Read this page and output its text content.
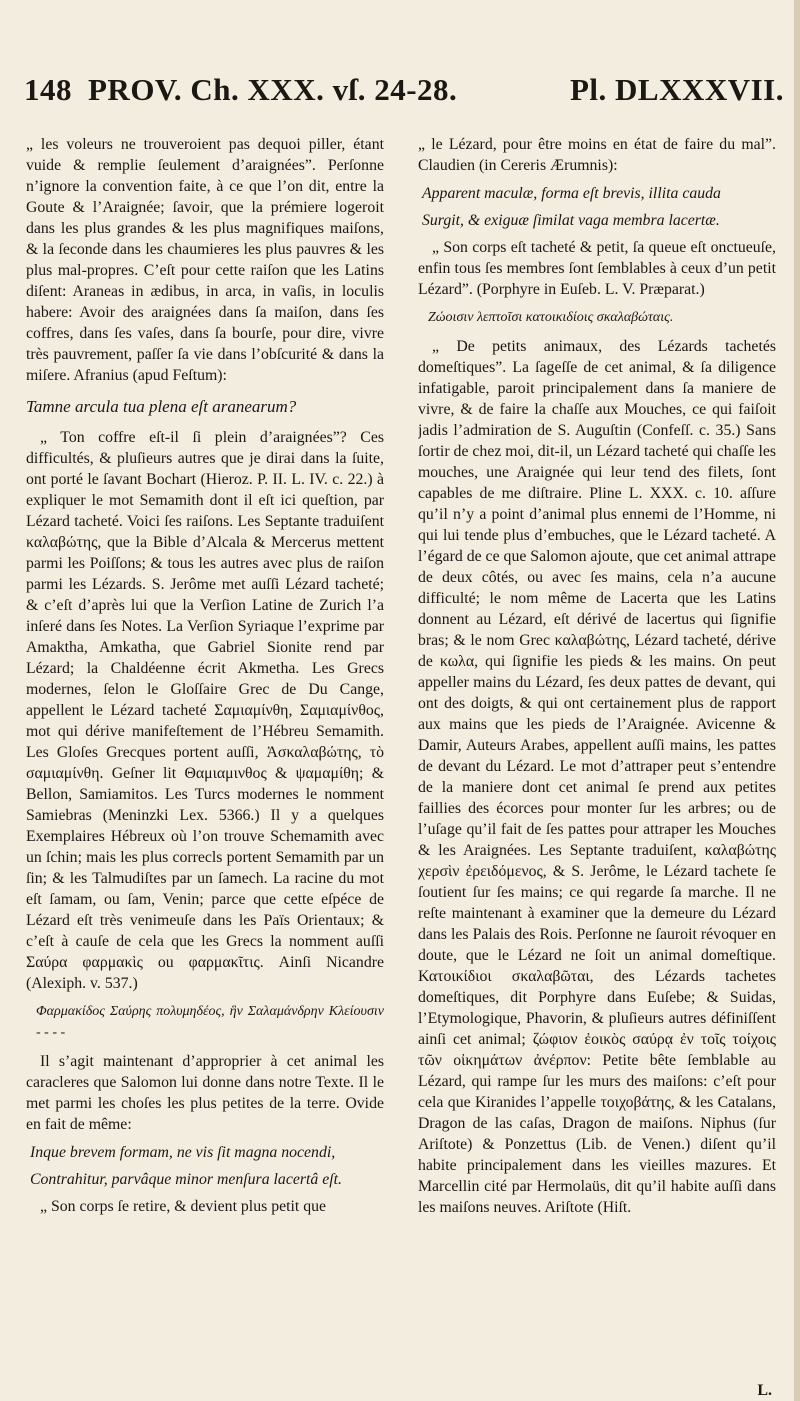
148 PROV. Ch. XXX. vſ. 24-28.	Pl. DLXXXVII.

„ les voleurs ne trouveroient pas dequoi piller, étant vuide & remplie ſeulement d’araignées”. Perſonne n’ignore la convention faite, à ce que l’on dit, entre la Goute & l’Araignée; ſavoir, que la prémiere logeroit dans les plus grandes & les plus magnifiques maiſons, & la ſeconde dans les chaumieres les plus pauvres & les plus mal-propres. C’eſt pour cette raiſon que les Latins diſent: Araneas in ædibus, in arca, in vaſis, in loculis habere: Avoir des araignées dans ſa maiſon, dans ſes coffres, dans ſes vaſes, dans ſa bourſe, pour dire, vivre très pauvrement, paſſer ſa vie dans l’obſcurité & dans la miſere. Afranius (apud Feſtum):

Tamne arcula tua plena eſt aranearum?

„ Ton coffre eſt-il ſi plein d’araignées”? Ces difficultés, & pluſieurs autres que je dirai dans la ſuite, ont porté le ſavant Bochart (Hieroz. P. II. L. IV. c. 22.) à expliquer le mot Semamith dont il eſt ici queſtion, par Lézard tacheté. Voici ſes raiſons. Les Septante traduiſent καλαβώτης, que la Bible d’Alcala & Mercerus mettent parmi les Poiſſons; & tous les autres avec plus de raiſon parmi les Lézards. S. Jerôme met auſſi Lézard tacheté; & c’eſt d’après lui que la Verſion Latine de Zurich l’a inſeré dans ſes Notes. La Verſion Syriaque l’exprime par Amaktha, Amkatha, que Gabriel Sionite rend par Lézard; la Chaldéenne écrit Akmetha. Les Grecs modernes, ſelon le Gloſſaire Grec de Du Cange, appellent le Lézard tacheté Σαμιαμίνθη, Σαμιαμίνθος, mot qui dérive manifeſtement de l’Hébreu Semamith. Les Gloſes Grecques portent auſſi, Ἀσκαλαβώτης, τὸ σαμιαμίνθη. Geſner lit Θαμιαμινθος & ψαμαμίθη; & Bellon, Samiamitos. Les Turcs modernes le nomment Samiebras (Meninzki Lex. 5366.) Il y a quelques Exemplaires Hébreux où l’on trouve Schemamith avec un ſchin; mais les plus correcls portent Semamith par un ſin; & les Talmudiſtes par un ſamech. La racine du mot eſt ſamam, ou ſam, Venin; parce que cette eſpéce de Lézard eſt très venimeuſe dans les Païs Orientaux; & c’eſt à cauſe de cela que les Grecs la nomment auſſi Σαύρα φαρμακὶς ou φαρμακῖτις. Ainſi Nicandre (Alexiph. v. 537.)

Φαρμακίδος Σαύρης πολυμηδέος, ἣν Σαλαμάνδρην Κλείουσιν - - - -

Il s’agit maintenant d’approprier à cet animal les caracleres que Salomon lui donne dans notre Texte. Il le met parmi les choſes les plus petites de la terre. Ovide en fait de même:

Inque brevem formam, ne vis ſit magna nocendi,

Contrahitur, parvâque minor menſura lacertâ eſt.

„ Son corps ſe retire, & devient plus petit que

„ le Lézard, pour être moins en état de faire du mal”. Claudien (in Cereris Ærumnis):

Apparent maculæ, forma eſt brevis, illita cauda

Surgit, & exiguæ ſimilat vaga membra lacertæ.

„ Son corps eſt tacheté & petit, ſa queue eſt onctueuſe, enfin tous ſes membres ſont ſemblables à ceux d’un petit Lézard”. (Porphyre in Euſeb. L. V. Præparat.)

Ζώοισιν λεπτοῖσι κατοικιδίοις σκαλαβώταις.

„ De petits animaux, des Lézards tachetés domeſtiques”. La ſageſſe de cet animal, & ſa diligence infatigable, paroit principalement dans ſa maniere de vivre, & de faire la chaſſe aux Mouches, ce qui faiſoit jadis l’admiration de S. Auguſtin (Confeſſ. c. 35.) Sans ſortir de chez moi, dit-il, un Lézard tacheté qui chaſſe les mouches, une Araignée qui leur tend des filets, ſont capables de me diſtraire. Pline L. XXX. c. 10. aſſure qu’il n’y a point d’animal plus ennemi de l’Homme, ni qui lui tende plus d’embuches, que le Lézard tacheté. A l’égard de ce que Salomon ajoute, que cet animal attrape de deux côtés, ou avec ſes mains, cela n’a aucune difficulté; le nom même de Lacerta que les Latins donnent au Lézard, eſt dérivé de lacertus qui ſignifie bras; & le nom Grec καλαβώτης, Lézard tacheté, dérive de κωλα, qui ſignifie les pieds & les mains. On peut appeller mains du Lézard, ſes deux pattes de devant, qui ont des doigts, & qui ont certainement plus de rapport aux mains que les pieds de l’Araignée. Avicenne & Damir, Auteurs Arabes, appellent auſſi mains, les pattes de devant du Lézard. Le mot d’attraper peut s’entendre de la maniere dont cet animal ſe prend aux petites faillies des écorces pour monter ſur les arbres; ou de l’uſage qu’il fait de ſes pattes pour attraper les Mouches & les Araignées. Les Septante traduiſent, καλαβώτης χερσὶν ἐρειδόμενος, & S. Jerôme, le Lézard tachete ſe ſoutient ſur ſes mains; ce qui regarde ſa marche. Il ne reſte maintenant à examiner que la demeure du Lézard dans les Palais des Rois. Perſonne ne ſauroit révoquer en doute, que le Lézard ne ſoit un animal domeſtique. Κατοικίδιοι σκαλαβῶται, des Lézards tachetes domeſtiques, dit Porphyre dans Euſebe; & Suidas, l’Etymologique, Phavorin, & pluſieurs autres définiſſent ainſi cet animal; ζώφιον ἐοικὸς σαύρᾳ ἐν τοῖς τοίχοις τῶν οἰκημάτων ἀνέρπον: Petite bête ſemblable au Lézard, qui rampe ſur les murs des maiſons: c’eſt pour cela que Kiranides l’appelle τοιχοβάτης, & les Catalans, Dragon de las caſas, Dragon de maiſons. Niphus (ſur Ariſtote) & Ponzettus (Lib. de Venen.) diſent qu’il habite principalement dans les vieilles mazures. Et Marcellin cité par Hermolaüs, dit qu’il habite auſſi dans les maiſons neuves. Ariſtote (Hiſt.

L.
